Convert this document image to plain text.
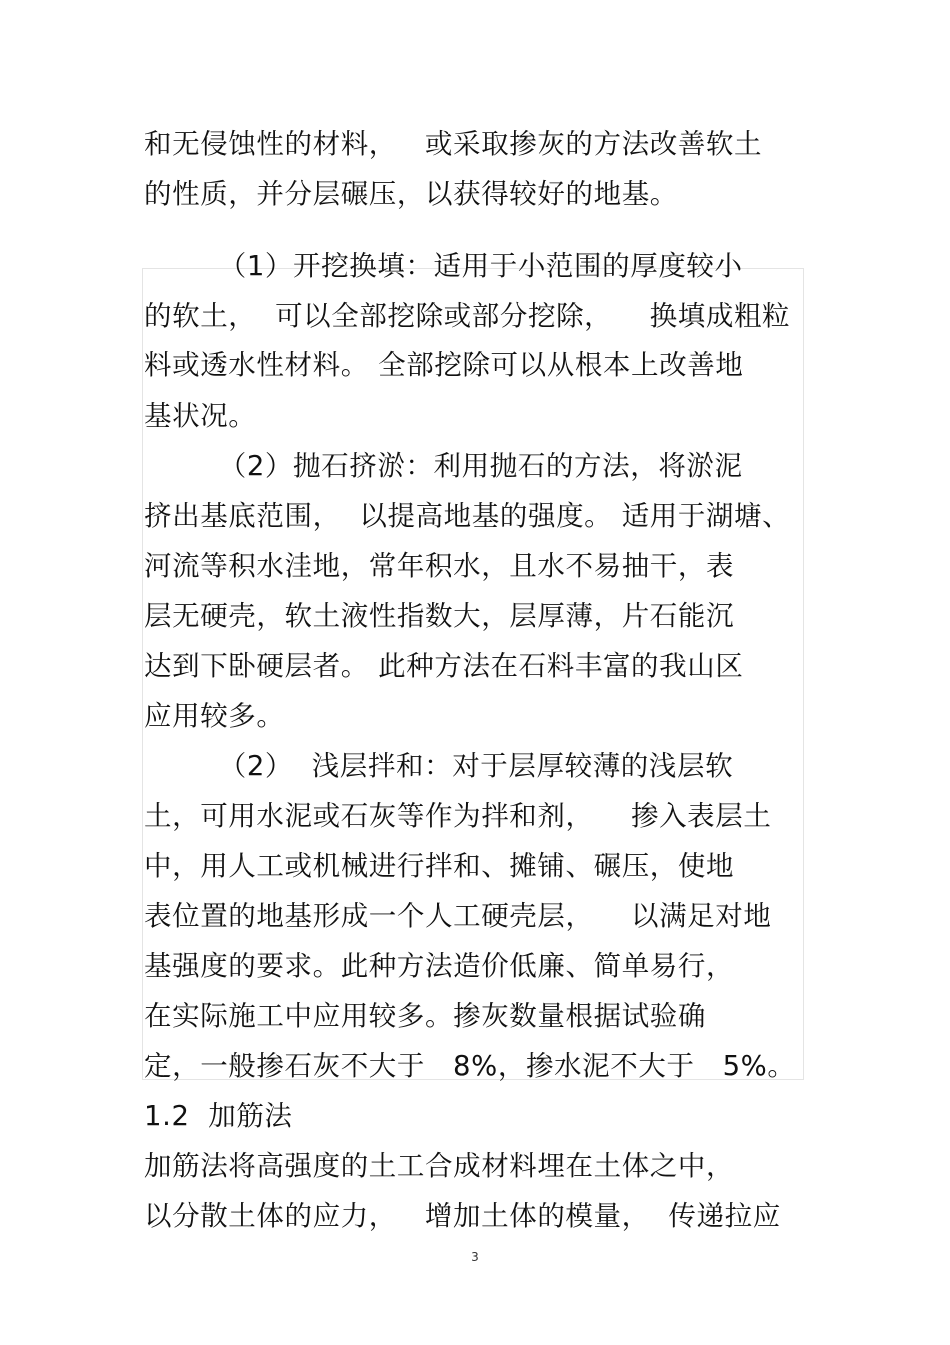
和无侵蚀性的材料，   或采取掺灰的方法改善软土
的性质，并分层碾压，以获得较好的地基。
（1）开挖换填：适用于小范围的厚度较小
的软土，  可以全部挖除或部分挖除，    换填成粗粒
料或透水性材料。 全部挖除可以从根本上改善地
基状况。
（2）抛石挤淤：利用抛石的方法，将淤泥
挤出基底范围，  以提高地基的强度。 适用于湖塘、
河流等积水洼地，常年积水，且水不易抽干，表
层无硬壳，软土液性指数大，层厚薄，片石能沉
达到下卧硬层者。 此种方法在石料丰富的我山区
应用较多。
（2）  浅层拌和：对于层厚较薄的浅层软
土，可用水泥或石灰等作为拌和剂，    掺入表层土
中，用人工或机械进行拌和、摊铺、碾压，使地
表位置的地基形成一个人工硬壳层，    以满足对地
基强度的要求。此种方法造价低廉、简单易行，
在实际施工中应用较多。掺灰数量根据试验确
定，一般掺石灰不大于   8%，掺水泥不大于   5%。
1.2  加筋法
加筋法将高强度的土工合成材料埋在土体之中，
以分散土体的应力，   增加土体的模量，  传递拉应
3
